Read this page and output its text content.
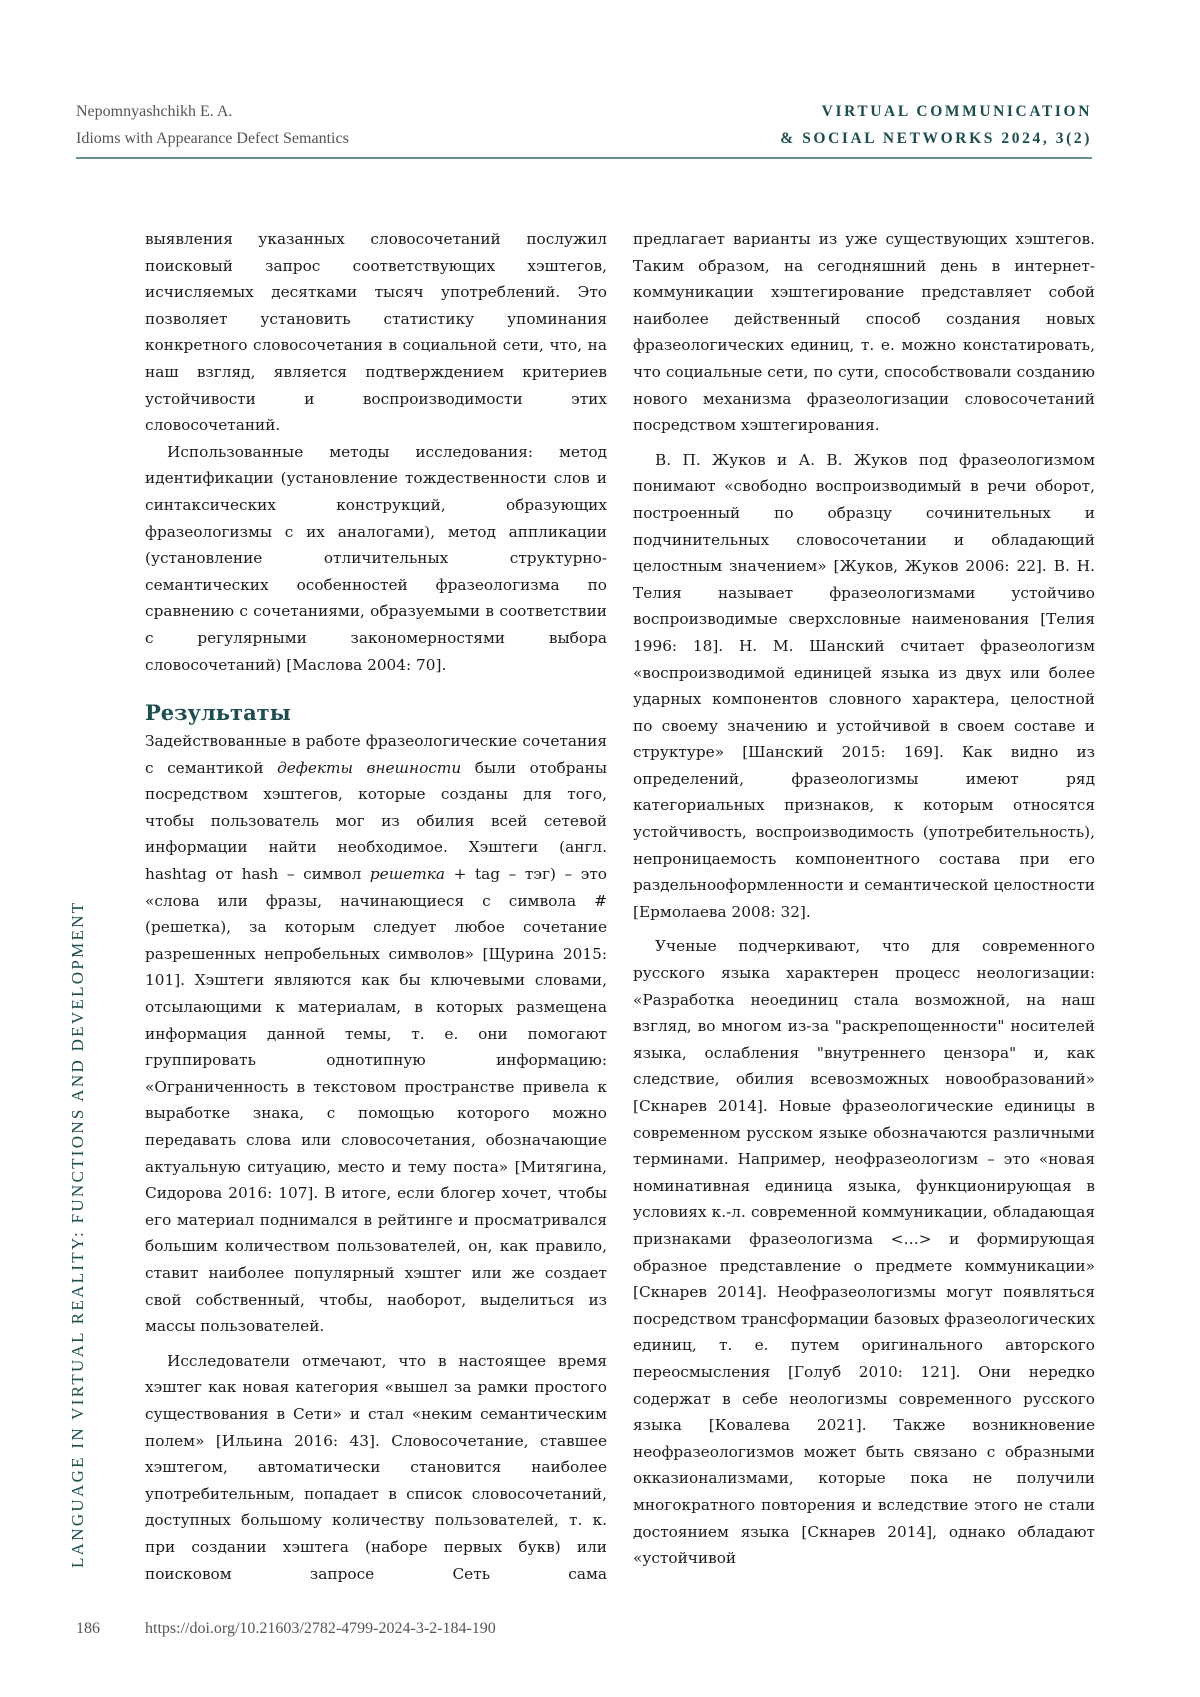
Nepomnyashchikh E. A.
Idioms with Appearance Defect Semantics
VIRTUAL COMMUNICATION
& SOCIAL NETWORKS 2024, 3(2)
LANGUAGE IN VIRTUAL REALITY: FUNCTIONS AND DEVELOPMENT

выявления указанных словосочетаний послужил поисковый запрос соответствующих хэштегов, исчисляемых десятками тысяч употреблений. Это позволяет установить статистику упоминания конкретного словосочетания в социальной сети, что, на наш взгляд, является подтверждением критериев устойчивости и воспроизводимости этих словосочетаний.

Использованные методы исследования: метод идентификации (установление тождественности слов и синтаксических конструкций, образующих фразеологизмы с их аналогами), метод аппликации (установление отличительных структурно-семантических особенностей фразеологизма по сравнению с сочетаниями, образуемыми в соответствии с регулярными закономерностями выбора словосочетаний) [Маслова 2004: 70].

Результаты

Задействованные в работе фразеологические сочетания с семантикой дефекты внешности были отобраны посредством хэштегов, которые созданы для того, чтобы пользователь мог из обилия всей сетевой информации найти необходимое. Хэштеги (англ. hashtag от hash – символ решетка + tag – тэг) – это «слова или фразы, начинающиеся с символа # (решетка), за которым следует любое сочетание разрешенных непробельных символов» [Щурина 2015: 101]. Хэштеги являются как бы ключевыми словами, отсылающими к материалам, в которых размещена информация данной темы, т. е. они помогают группировать однотипную информацию: «Ограниченность в текстовом пространстве привела к выработке знака, с помощью которого можно передавать слова или словосочетания, обозначающие актуальную ситуацию, место и тему поста» [Митягина, Сидорова 2016: 107]. В итоге, если блогер хочет, чтобы его материал поднимался в рейтинге и просматривался большим количеством пользователей, он, как правило, ставит наиболее популярный хэштег или же создает свой собственный, чтобы, наоборот, выделиться из массы пользователей.

Исследователи отмечают, что в настоящее время хэштег как новая категория «вышел за рамки простого существования в Сети» и стал «неким семантическим полем» [Ильина 2016: 43]. Словосочетание, ставшее хэштегом, автоматически становится наиболее употребительным, попадает в список словосочетаний, доступных большому количеству пользователей, т. к. при создании хэштега (наборе первых букв) или поисковом запросе Сеть сама

предлагает варианты из уже существующих хэштегов. Таким образом, на сегодняшний день в интернет-коммуникации хэштегирование представляет собой наиболее действенный способ создания новых фразеологических единиц, т. е. можно констатировать, что социальные сети, по сути, способствовали созданию нового механизма фразеологизации словосочетаний посредством хэштегирования.

В. П. Жуков и А. В. Жуков под фразеологизмом понимают «свободно воспроизводимый в речи оборот, построенный по образцу сочинительных и подчинительных словосочетании и обладающий целостным значением» [Жуков, Жуков 2006: 22]. В. Н. Телия называет фразеологизмами устойчиво воспроизводимые сверхсловные наименования [Телия 1996: 18]. Н. М. Шанский считает фразеологизм «воспроизводимой единицей языка из двух или более ударных компонентов словного характера, целостной по своему значению и устойчивой в своем составе и структуре» [Шанский 2015: 169]. Как видно из определений, фразеологизмы имеют ряд категориальных признаков, к которым относятся устойчивость, воспроизводимость (употребительность), непроницаемость компонентного состава при его раздельнооформленности и семантической целостности [Ермолаева 2008: 32].

Ученые подчеркивают, что для современного русского языка характерен процесс неологизации: «Разработка неоединиц стала возможной, на наш взгляд, во многом из-за "раскрепощенности" носителей языка, ослабления "внутреннего цензора" и, как следствие, обилия всевозможных новообразований» [Скнарев 2014]. Новые фразеологические единицы в современном русском языке обозначаются различными терминами. Например, неофразеологизм – это «новая номинативная единица языка, функционирующая в условиях к.-л. современной коммуникации, обладающая признаками фразеологизма <…> и формирующая образное представление о предмете коммуникации» [Скнарев 2014]. Неофразеологизмы могут появляться посредством трансформации базовых фразеологических единиц, т. е. путем оригинального авторского переосмысления [Голуб 2010: 121]. Они нередко содержат в себе неологизмы современного русского языка [Ковалева 2021]. Также возникновение неофразеологизмов может быть связано с образными окказионализмами, которые пока не получили многократного повторения и вследствие этого не стали достоянием языка [Скнарев 2014], однако обладают «устойчивой

186	https://doi.org/10.21603/2782-4799-2024-3-2-184-190
